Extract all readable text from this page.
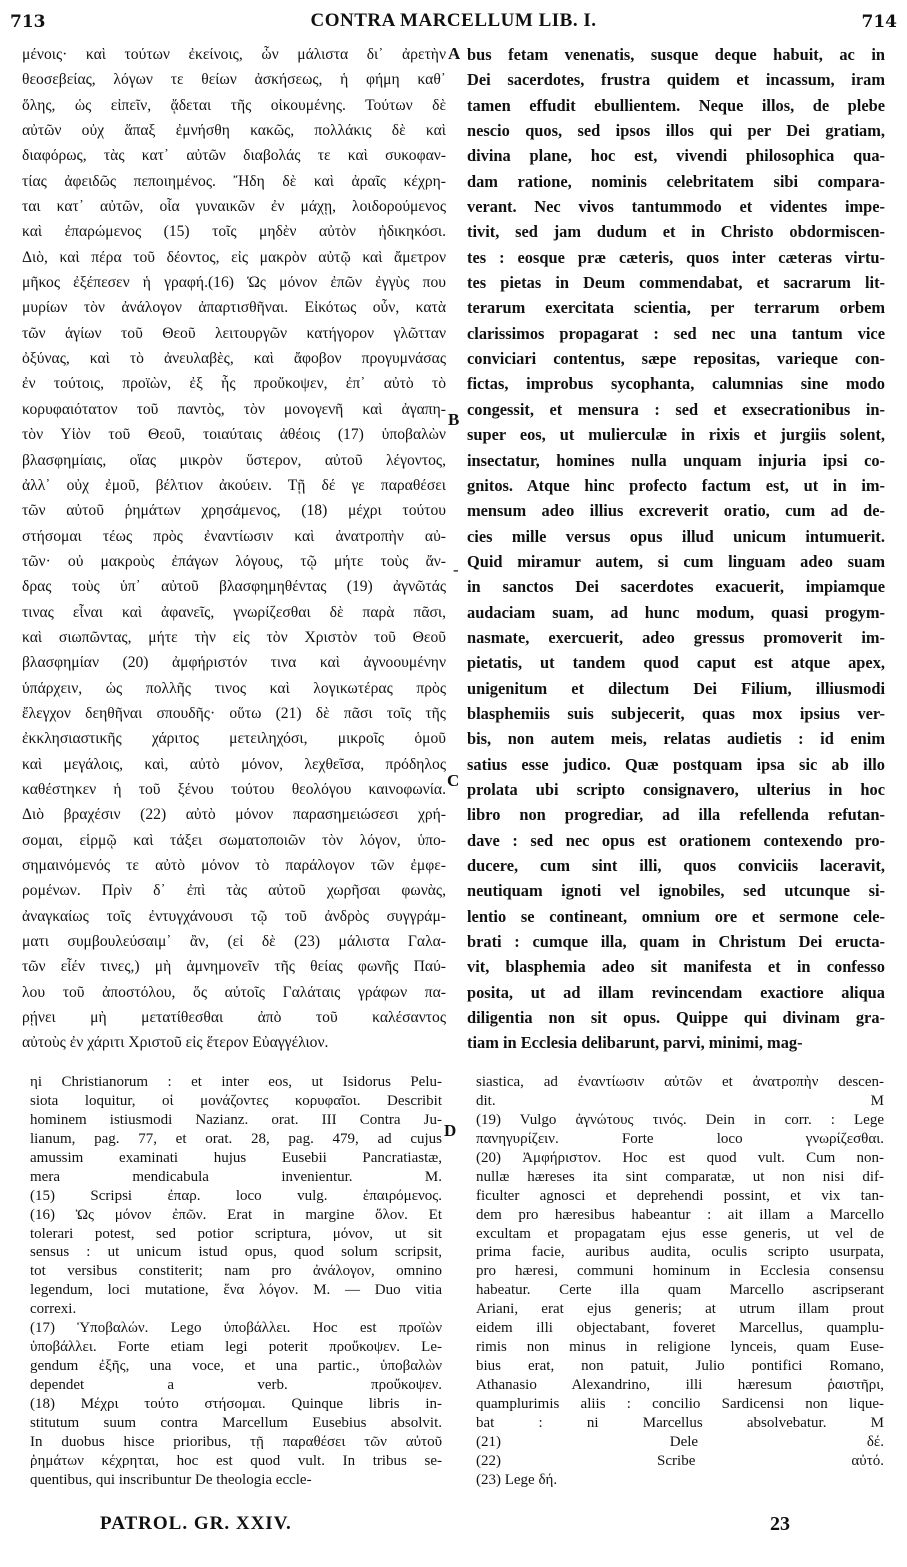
713	CONTRA MARCELLUM LIB. I.	714
μένοις· καὶ τούτων ἐκείνοις, ὧν μάλιστα δι᾽ ἀρετὴν
θεοσεβείας, λόγων τε θείων ἀσκήσεως, ἡ φήμη καθ᾽
ὅλης, ὡς εἰπεῖν, ᾄδεται τῆς οἰκουμένης. Τούτων δὲ
αὐτῶν οὐχ ἅπαξ ἐμνήσθη κακῶς, πολλάκις δὲ καὶ
διαφόρως, τὰς κατ᾽ αὐτῶν διαβολάς τε καὶ συκοφαν-
τίας ἀφειδῶς πεποιημένος. Ἤδη δὲ καὶ ἀραῖς κέχρη-
ται κατ᾽ αὐτῶν, οἷα γυναικῶν ἐν μάχῃ, λοιδορούμενος
καὶ ἐπαρώμενος (15) τοῖς μηδὲν αὐτὸν ἠδικηκόσι.
Διὸ, καὶ πέρα τοῦ δέοντος, εἰς μακρὸν αὐτῷ καὶ ἄμετρον
μῆκος ἐξέπεσεν ἡ γραφή.(16) Ὡς μόνον ἐπῶν ἐγγὺς που
μυρίων τὸν ἀνάλογον ἀπαρτισθῆναι. Εἰκότως οὖν, κατὰ
τῶν ἁγίων τοῦ Θεοῦ λειτουργῶν κατήγορον γλῶτταν
ὀξύνας, καὶ τὸ ἀνευλαβὲς, καὶ ἄφοβον προγυμνάσας
ἐν τούτοις, προϊὼν, ἐξ ἧς προὔκοψεν, ἐπ᾽ αὐτὸ τὸ
κορυφαιότατον τοῦ παντὸς, τὸν μονογενῆ καὶ ἀγαπη-
τὸν Υἱὸν τοῦ Θεοῦ, τοιαύταις ἀθέοις (17) ὑποβαλὼν
βλασφημίαις, οἵας μικρὸν ὕστερον, αὐτοῦ λέγοντος,
ἀλλ᾽ οὐχ ἐμοῦ, βέλτιον ἀκούειν. Τῇ δέ γε παραθέσει
τῶν αὐτοῦ ῥημάτων χρησάμενος, (18) μέχρι τούτου
στήσομαι τέως πρὸς ἐναντίωσιν καὶ ἀνατροπὴν αὐ-
τῶν· οὐ μακροὺς ἐπάγων λόγους, τῷ μήτε τοὺς ἄν-
δρας τοὺς ὑπ᾽ αὐτοῦ βλασφημηθέντας (19) ἀγνῶτάς
τινας εἶναι καὶ ἀφανεῖς, γνωρίζεσθαι δὲ παρὰ πᾶσι,
καὶ σιωπῶντας, μήτε τὴν εἰς τὸν Χριστὸν τοῦ Θεοῦ
βλασφημίαν (20) ἀμφήριστόν τινα καὶ ἀγνοουμένην
ὑπάρχειν, ὡς πολλῆς τινος καὶ λογικωτέρας πρὸς
ἔλεγχον δεηθῆναι σπουδῆς· οὕτω (21) δὲ πᾶσι τοῖς τῆς
ἐκκλησιαστικῆς χάριτος μετειληχόσι, μικροῖς ὁμοῦ
καὶ μεγάλοις, καὶ, αὐτὸ μόνον, λεχθεῖσα, πρόδηλος
καθέστηκεν ἡ τοῦ ξένου τούτου θεολόγου καινοφωνία.
Διὸ βραχέσιν (22) αὐτὸ μόνον παρασημειώσεσι χρή-
σομαι, εἱρμῷ καὶ τάξει σωματοποιῶν τὸν λόγον, ὑπο-
σημαινόμενός τε αὐτὸ μόνον τὸ παράλογον τῶν ἐμφε-
ρομένων. Πρὶν δ᾽ ἐπὶ τὰς αὐτοῦ χωρῆσαι φωνὰς,
ἀναγκαίως τοῖς ἐντυγχάνουσι τῷ τοῦ ἀνδρὸς συγγράμ-
ματι συμβουλεύσαιμ᾽ ἂν, (εἰ δὲ (23) μάλιστα Γαλα-
τῶν εἶέν τινες,) μὴ ἀμνημονεῖν τῆς θείας φωνῆς Παύ-
λου τοῦ ἀποστόλου, ὅς αὐτοῖς Γαλάταις γράφων πα-
ρῄνει μὴ μετατίθεσθαι ἀπὸ τοῦ καλέσαντος
αὐτοὺς ἐν χάριτι Χριστοῦ εἰς ἕτερον Εὐαγγέλιον.
bus fetam venenatis, susque deque habuit, ac in
Dei sacerdotes, frustra quidem et incassum, iram
tamen effudit ebullientem. Neque illos, de plebe
nescio quos, sed ipsos illos qui per Dei gratiam,
divina plane, hoc est, vivendi philosophica qua-
dam ratione, nominis celebritatem sibi compara-
verant. Nec vivos tantummodo et videntes impe-
tivit, sed jam dudum et in Christo obdormiscen-
tes : eosque præ cæteris, quos inter cæteras virtu-
tes pietas in Deum commendabat, et sacrarum lit-
terarum exercitata scientia, per terrarum orbem
clarissimos propagarat : sed nec una tantum vice
conviciari contentus, sæpe repositas, varieque con-
fictas, improbus sycophanta, calumnias sine modo
congessit, et mensura : sed et exsecrationibus in-
super eos, ut mulierculæ in rixis et jurgiis solent,
insectatur, homines nulla unquam injuria ipsi co-
gnitos. Atque hinc profecto factum est, ut in im-
mensum adeo illius excreverit oratio, cum ad de-
cies mille versus opus illud unicum intumuerit.
Quid miramur autem, si cum linguam adeo suam
in sanctos Dei sacerdotes exacuerit, impiamque
audaciam suam, ad hunc modum, quasi progym-
nasmate, exercuerit, adeo gressus promoverit im-
pietatis, ut tandem quod caput est atque apex,
unigenitum et dilectum Dei Filium, illiusmodi
blasphemiis suis subjecerit, quas mox ipsius ver-
bis, non autem meis, relatas audietis : id enim
satius esse judico. Quæ postquam ipsa sic ab illo
prolata ubi scripto consignavero, ulterius in hoc
libro non progrediar, ad illa refellenda refutan-
dave : sed nec opus est orationem contexendo pro-
ducere, cum sint illi, quos conviciis laceravit,
neutiquam ignoti vel ignobiles, sed utcunque si-
lentio se contineant, omnium ore et sermone cele-
brati : cumque illa, quam in Christum Dei eructa-
vit, blasphemia adeo sit manifesta et in confesso
posita, ut ad illam revincendam exactiore aliqua
diligentia non sit opus. Quippe qui divinam gra-
tiam in Ecclesia delibarunt, parvi, minimi, mag-
A
B
C
D
-
ηi Christianorum : et inter eos, ut Isidorus Pelu-
siota loquitur, οἱ μονάζοντες κορυφαῖοι. Describit
hominem istiusmodi Nazianz. orat. III Contra Ju-
lianum, pag. 77, et orat. 28, pag. 479, ad cujus
amussim examinati hujus Eusebii Pancratiastæ,
mera mendicabula invenientur. M.
(15) Scripsi ἐπαρ. loco vulg. ἐπαιρόμενος.
(16) Ὡς μόνον ἐπῶν. Erat in margine ὅλον. Et
tolerari potest, sed potior scriptura, μόνον, ut sit
sensus : ut unicum istud opus, quod solum scripsit,
tot versibus constiterit; nam pro ἀνάλογον, omnino
legendum, loci mutatione, ἕνα λόγον. M. — Duo vitia
correxi.
(17) Ὑποβαλών. Lego ὑποβάλλει. Hoc est προϊὼν
ὑποβάλλει. Forte etiam legi poterit προὔκοψεν. Le-
gendum ἐξῆς, una voce, et una partic., ὑποβαλὼν
dependet a verb. προὔκοψεν.
(18) Μέχρι τούτο στήσομαι. Quinque libris in-
stitutum suum contra Marcellum Eusebius absolvit.
In duobus hisce prioribus, τῇ παραθέσει τῶν αὐτοῦ
ῥημάτων κέχρηται, hoc est quod vult. In tribus se-
quentibus, qui inscribuntur De theologia eccle-
siastica, ad ἐναντίωσιν αὐτῶν et ἀνατροπὴν descen-
dit. M
(19) Vulgo ἀγνώτους τινός. Dein in corr. : Lege
πανηγυρίζειν. Forte loco γνωρίζεσθαι.
(20) Ἀμφήριστον. Hoc est quod vult. Cum non-
nullæ hæreses ita sint comparatæ, ut non nisi dif-
ficulter agnosci et deprehendi possint, et vix tan-
dem pro hæresibus habeantur : ait illam a Marcello
excultam et propagatam ejus esse generis, ut vel de
prima facie, auribus audita, oculis scripto usurpata,
pro hæresi, communi hominum in Ecclesia consensu
habeatur. Certe illa quam Marcello ascripserant
Ariani, erat ejus generis; at utrum illam prout
eidem illi objectabant, foveret Marcellus, quamplu-
rimis non minus in religione lynceis, quam Euse-
bius erat, non patuit, Julio pontifici Romano,
Athanasio Alexandrino, illi hæresum ῥαιστῆρι,
quamplurimis aliis : concilio Sardicensi non lique-
bat : ni Marcellus absolvebatur. M
(21) Dele δέ.
(22) Scribe αὐτό.
(23) Lege δή.
PATROL. GR. XXIV.	23
